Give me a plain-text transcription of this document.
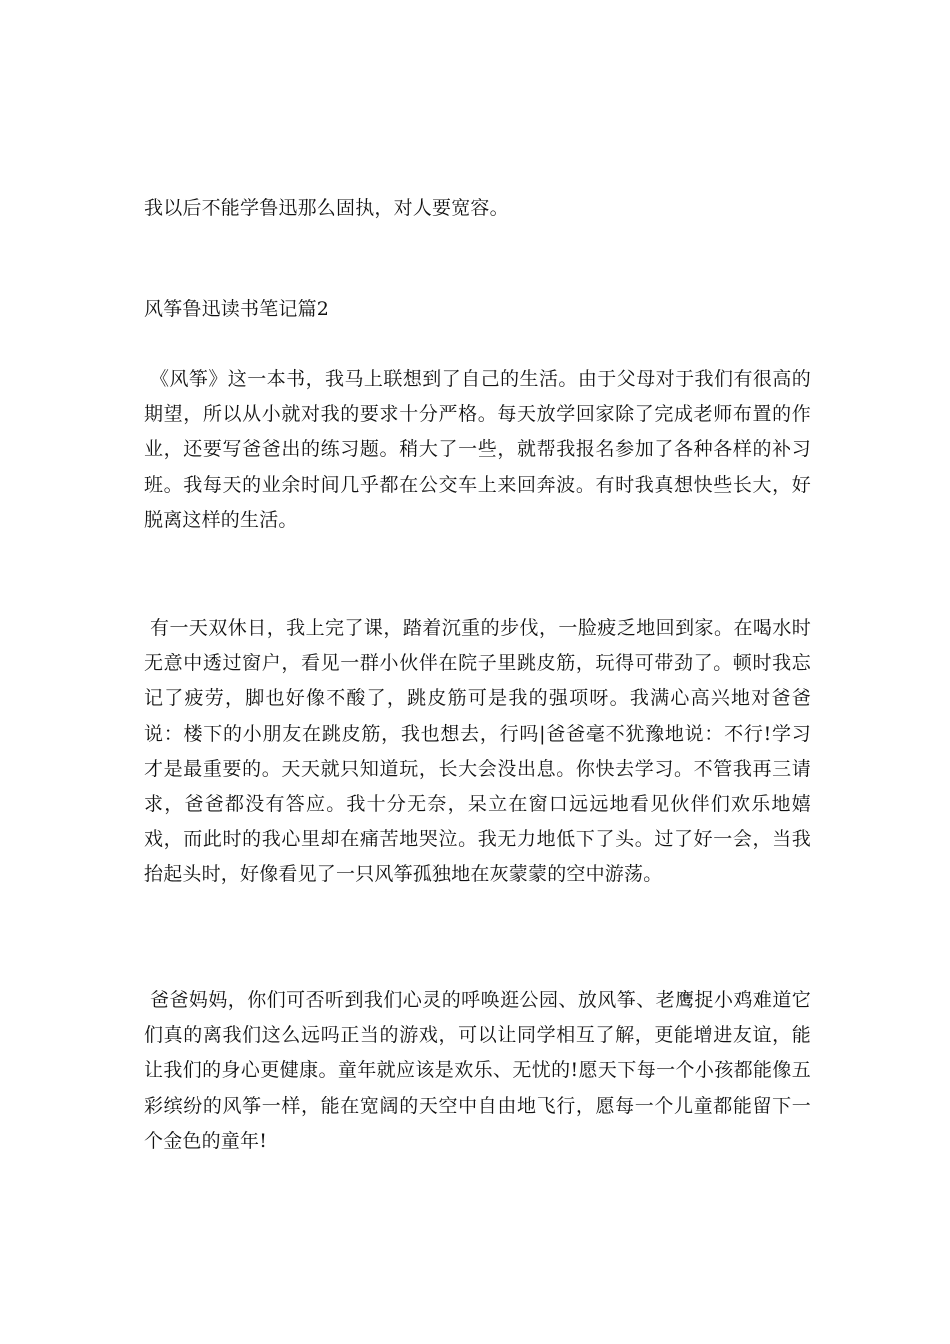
我以后不能学鲁迅那么固执，对人要宽容。
风筝鲁迅读书笔记篇2
《风筝》这一本书，我马上联想到了自己的生活。由于父母对于我们有很高的期望，所以从小就对我的要求十分严格。每天放学回家除了完成老师布置的作业，还要写爸爸出的练习题。稍大了一些，就帮我报名参加了各种各样的补习班。我每天的业余时间几乎都在公交车上来回奔波。有时我真想快些长大，好脱离这样的生活。
有一天双休日，我上完了课，踏着沉重的步伐，一脸疲乏地回到家。在喝水时无意中透过窗户，看见一群小伙伴在院子里跳皮筋，玩得可带劲了。顿时我忘记了疲劳，脚也好像不酸了，跳皮筋可是我的强项呀。我满心高兴地对爸爸说：楼下的小朋友在跳皮筋，我也想去，行吗|爸爸毫不犹豫地说：不行!学习才是最重要的。天天就只知道玩，长大会没出息。你快去学习。不管我再三请求，爸爸都没有答应。我十分无奈，呆立在窗口远远地看见伙伴们欢乐地嬉戏，而此时的我心里却在痛苦地哭泣。我无力地低下了头。过了好一会，当我抬起头时，好像看见了一只风筝孤独地在灰蒙蒙的空中游荡。
爸爸妈妈，你们可否听到我们心灵的呼唤逛公园、放风筝、老鹰捉小鸡难道它们真的离我们这么远吗正当的游戏，可以让同学相互了解，更能增进友谊，能让我们的身心更健康。童年就应该是欢乐、无忧的!愿天下每一个小孩都能像五彩缤纷的风筝一样，能在宽阔的天空中自由地飞行，愿每一个儿童都能留下一个金色的童年!
